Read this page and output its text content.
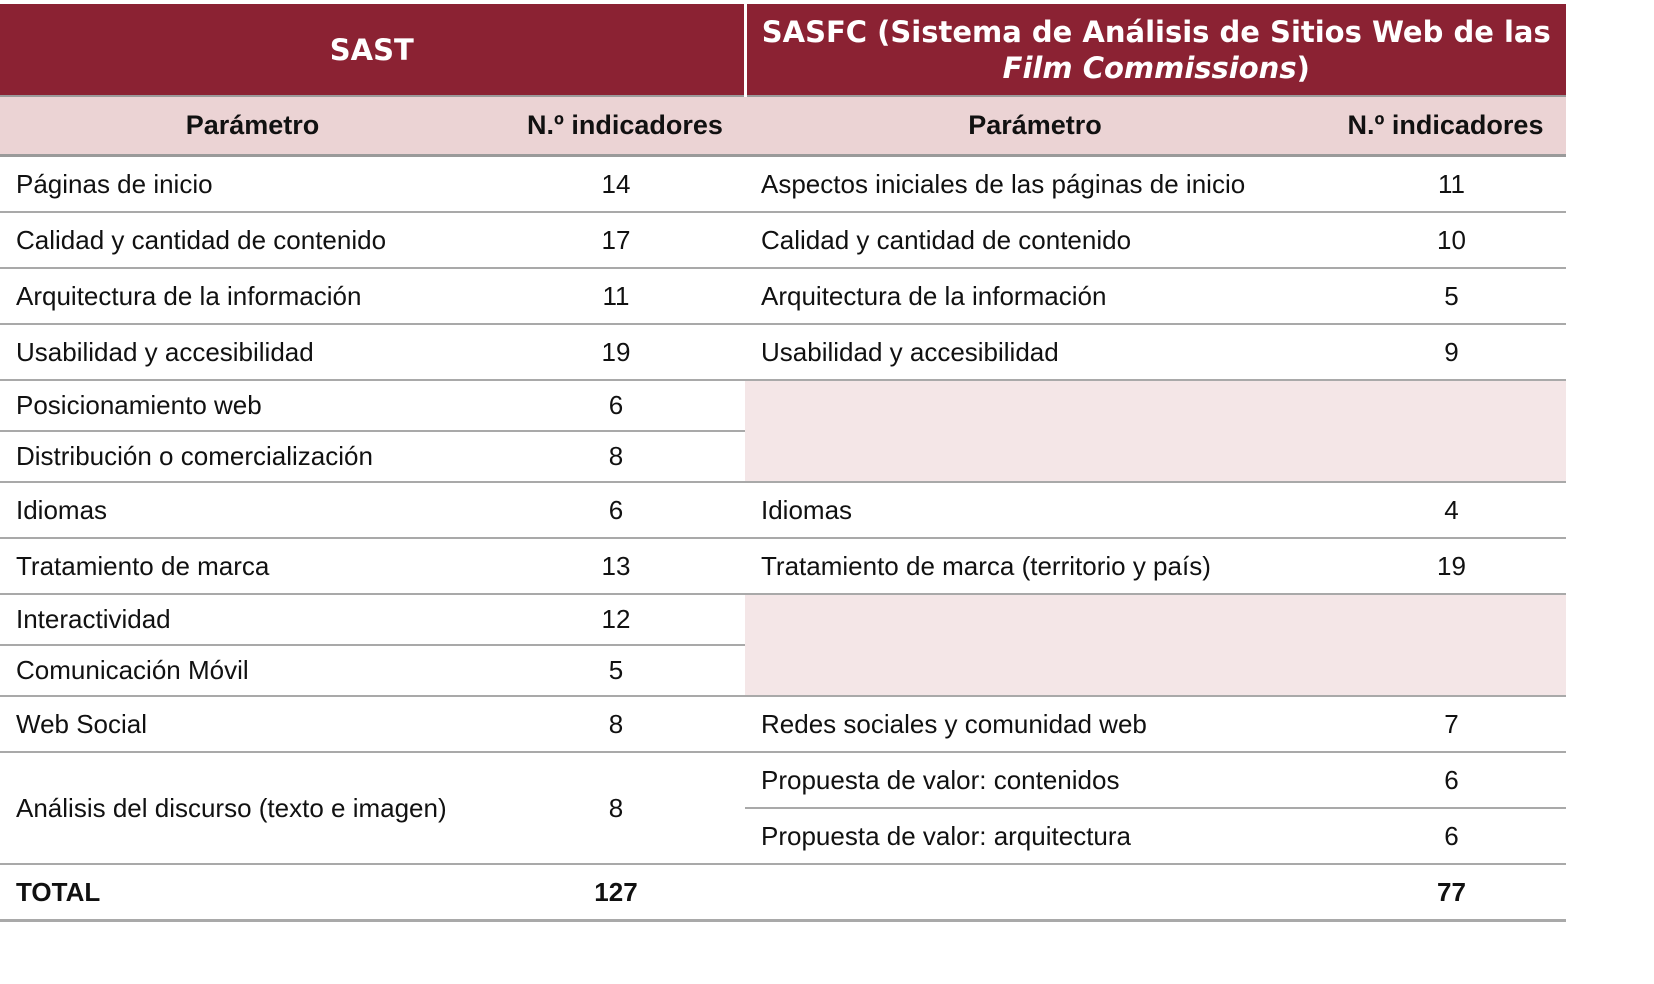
SAST		SASFC (Sistema de Análisis de Sitios Web de las Film Commissions)	
Parámetro	N.º indicadores	Parámetro	N.º indicadores
Páginas de inicio	14	Aspectos iniciales de las páginas de inicio	11
Calidad y cantidad de contenido	17	Calidad y cantidad de contenido	10
Arquitectura de la información	11	Arquitectura de la información	5
Usabilidad y accesibilidad	19	Usabilidad y accesibilidad	9
Posicionamiento web	6		
Distribución o comercialización	8		
Idiomas	6	Idiomas	4
Tratamiento de marca	13	Tratamiento de marca (territorio y país)	19
Interactividad	12		
Comunicación Móvil	5		
Web Social	8	Redes sociales y comunidad web	7
Análisis del discurso (texto e imagen)	8	Propuesta de valor: contenidos	6
		Propuesta de valor: arquitectura	6
TOTAL	127		77
